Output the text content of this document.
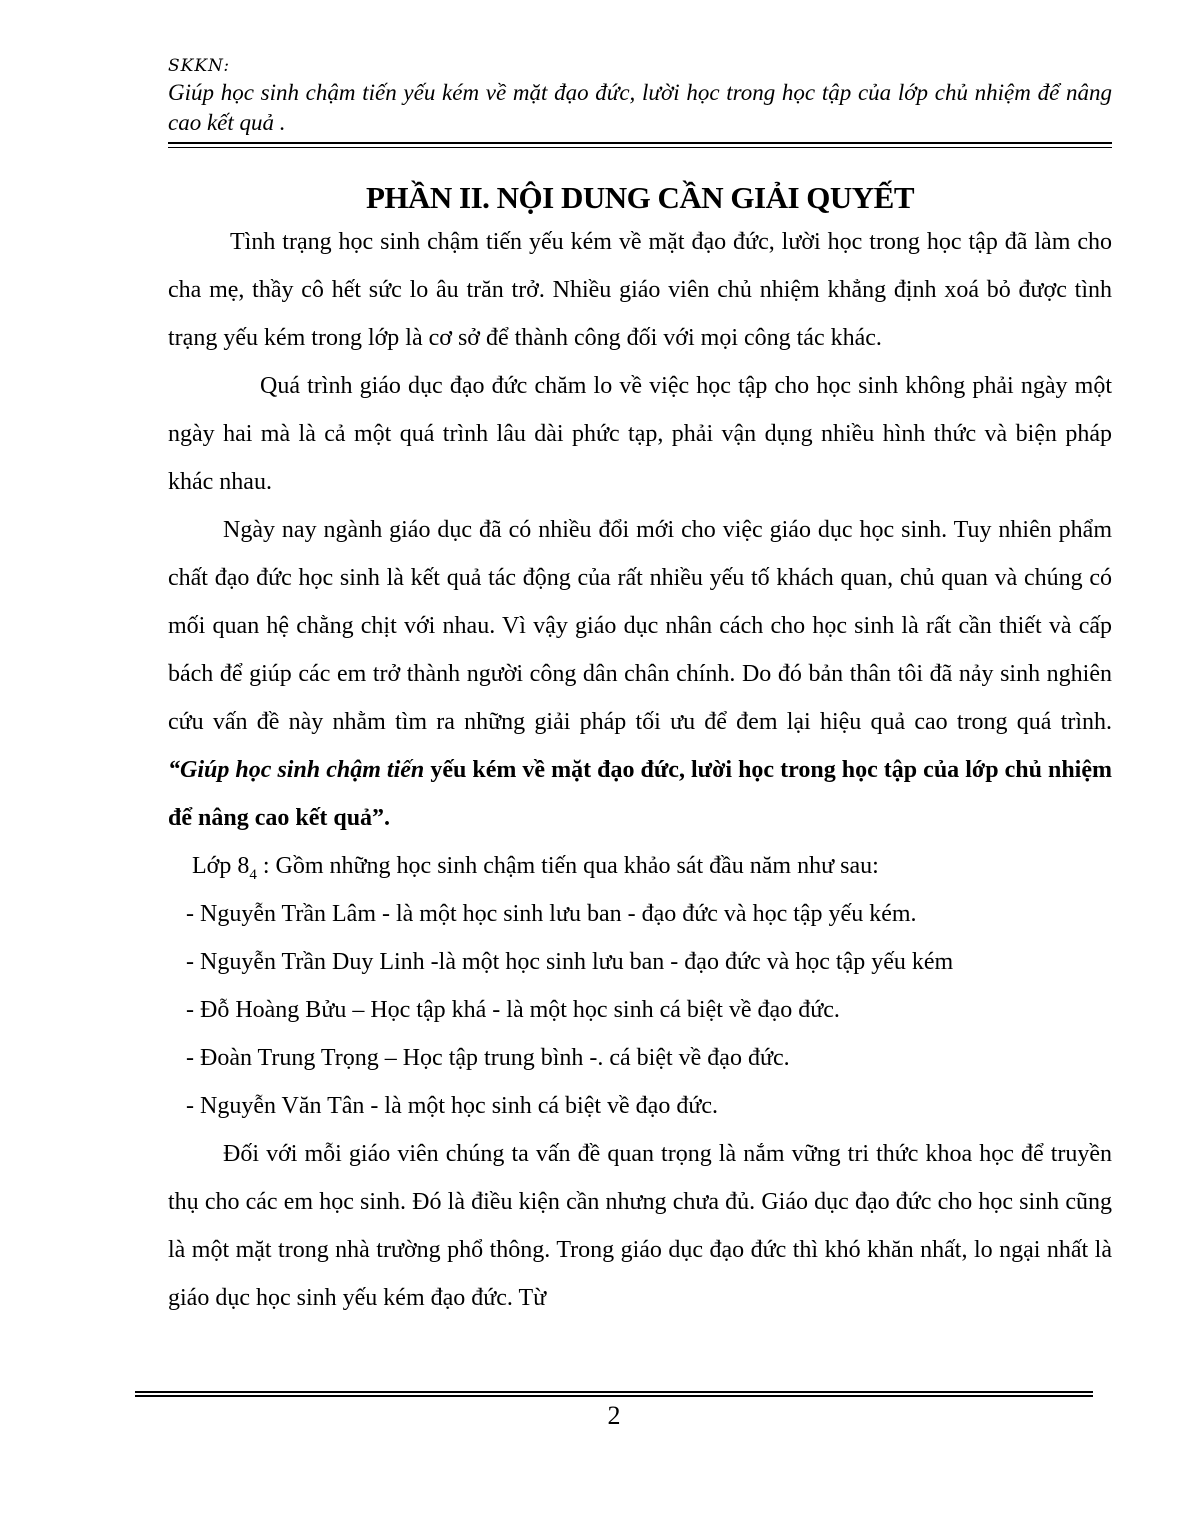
SKKN:
Giúp học sinh chậm tiến yếu kém về mặt đạo đức, lười học trong học tập của lớp chủ nhiệm để nâng cao kết quả .
PHẦN II. NỘI DUNG CẦN GIẢI QUYẾT

Tình trạng học sinh chậm tiến yếu kém về mặt đạo đức, lười học trong học tập đã làm cho cha mẹ, thầy cô hết sức lo âu trăn trở. Nhiều giáo viên chủ nhiệm khẳng định xoá bỏ được tình trạng yếu kém trong lớp là cơ sở để thành công đối với mọi công tác khác.

Quá trình giáo dục đạo đức chăm lo về việc học tập cho học sinh không phải ngày một ngày hai mà là cả một quá trình lâu dài phức tạp, phải vận dụng nhiều hình thức và biện pháp khác nhau.

Ngày nay ngành giáo dục đã có nhiều đổi mới cho việc giáo dục học sinh. Tuy nhiên phẩm chất đạo đức học sinh là kết quả tác động của rất nhiều yếu tố khách quan, chủ quan và chúng có mối quan hệ chằng chịt với nhau. Vì vậy giáo dục nhân cách cho học sinh là rất cần thiết và cấp bách để giúp các em trở thành người công dân chân chính. Do đó bản thân tôi đã nảy sinh nghiên cứu vấn đề này nhằm tìm ra những giải pháp tối ưu để đem lại hiệu quả cao trong quá trình. “Giúp học sinh chậm tiến yếu kém về mặt đạo đức, lười học trong học tập của lớp chủ nhiệm để nâng cao kết quả”.

Lớp $8_4$ : Gồm những học sinh chậm tiến qua khảo sát đầu năm như sau:

- Nguyễn Trần Lâm - là một học sinh lưu ban - đạo đức và học tập yếu kém.
- Nguyễn Trần Duy Linh -là một học sinh lưu ban - đạo đức và học tập yếu kém
- Đỗ Hoàng Bửu – Học tập khá - là một học sinh cá biệt về đạo đức.
- Đoàn Trung Trọng – Học tập trung bình -. cá biệt về đạo đức.
- Nguyễn Văn Tân - là một học sinh cá biệt về đạo đức.

Đối với mỗi giáo viên chúng ta vấn đề quan trọng là nắm vững tri thức khoa học để truyền thụ cho các em học sinh. Đó là điều kiện cần nhưng chưa đủ. Giáo dục đạo đức cho học sinh cũng là một mặt trong nhà trường phổ thông. Trong giáo dục đạo đức thì khó khăn nhất, lo ngại nhất là giáo dục học sinh yếu kém đạo đức. Từ

2
